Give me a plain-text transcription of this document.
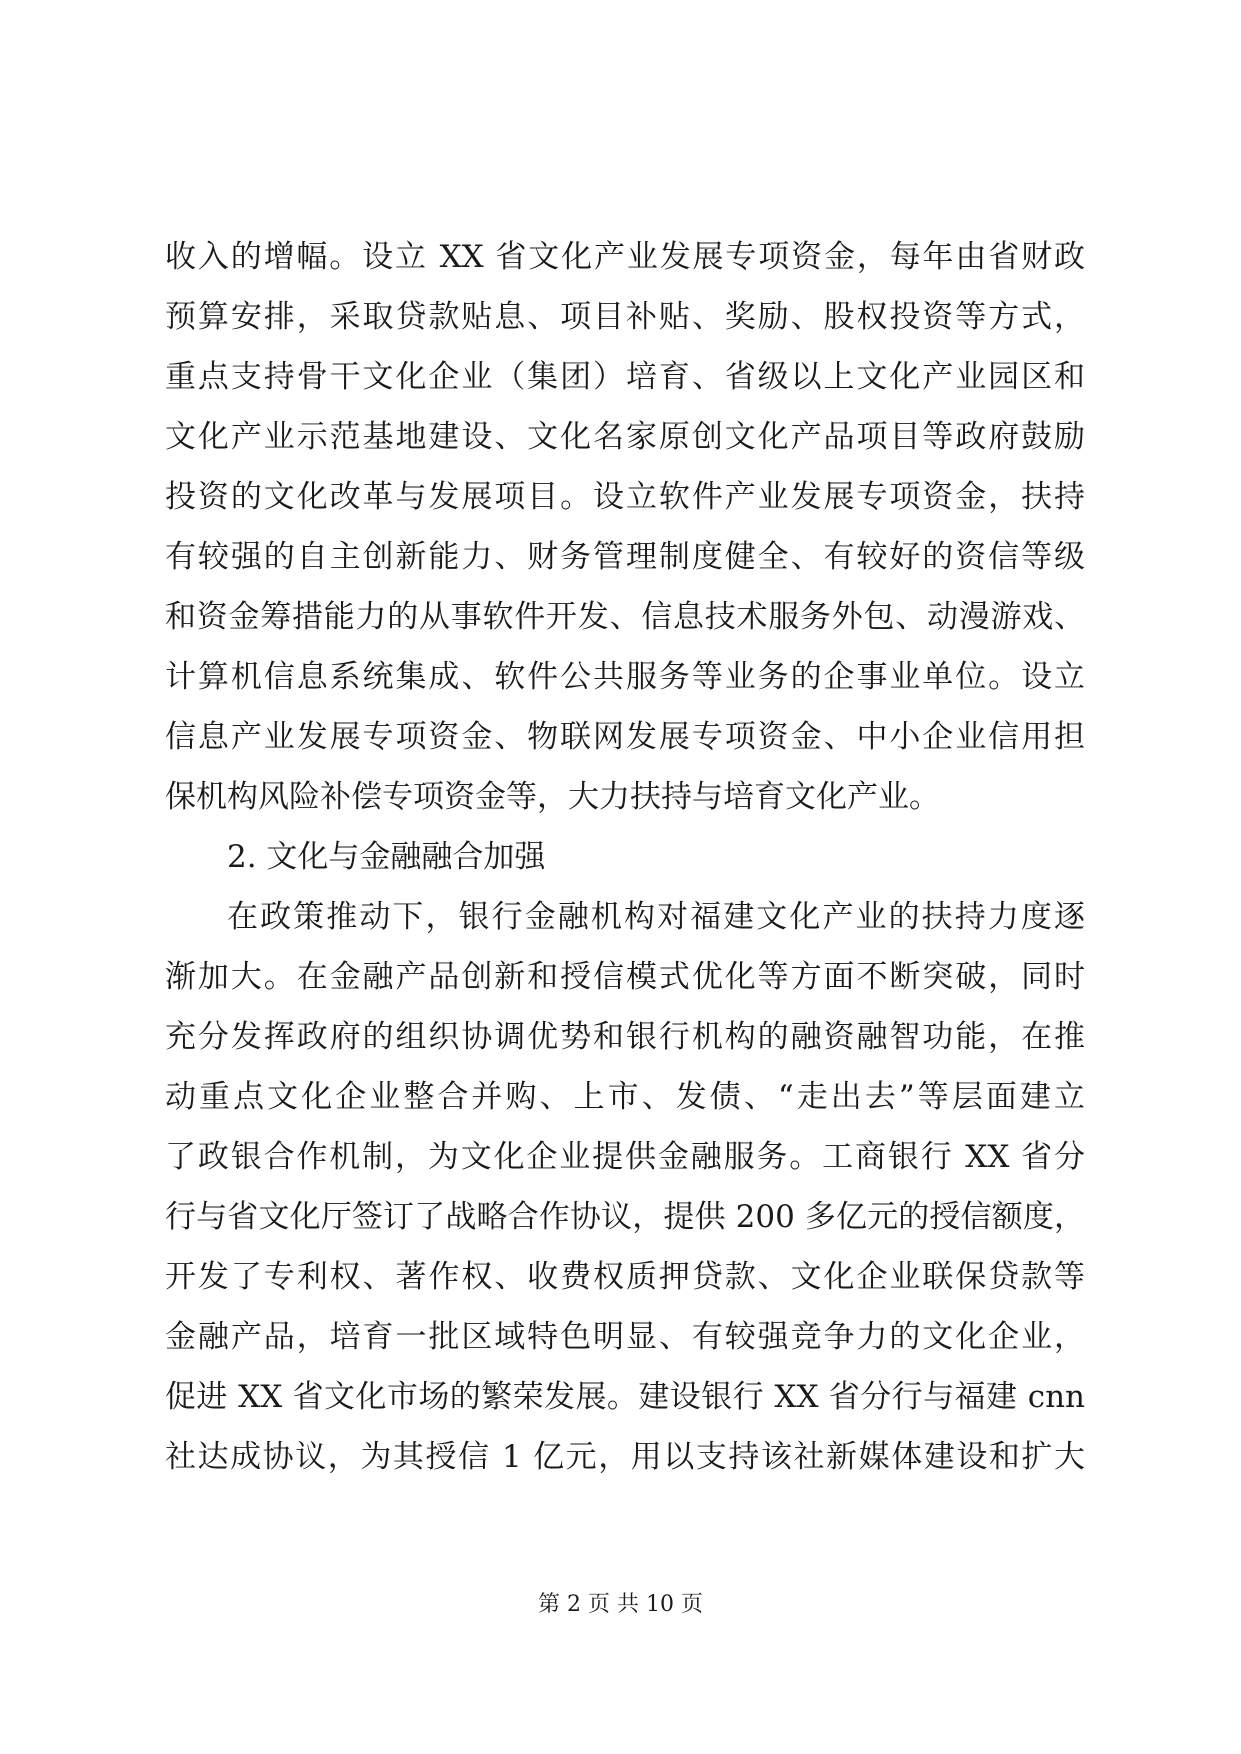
收入的增幅。设立 XX 省文化产业发展专项资金，每年由省财政
预算安排，采取贷款贴息、项目补贴、奖励、股权投资等方式，
重点支持骨干文化企业（集团）培育、省级以上文化产业园区和
文化产业示范基地建设、文化名家原创文化产品项目等政府鼓励
投资的文化改革与发展项目。设立软件产业发展专项资金，扶持
有较强的自主创新能力、财务管理制度健全、有较好的资信等级
和资金筹措能力的从事软件开发、信息技术服务外包、动漫游戏、
计算机信息系统集成、软件公共服务等业务的企事业单位。设立
信息产业发展专项资金、物联网发展专项资金、中小企业信用担
保机构风险补偿专项资金等，大力扶持与培育文化产业。
2. 文化与金融融合加强
在政策推动下，银行金融机构对福建文化产业的扶持力度逐
渐加大。在金融产品创新和授信模式优化等方面不断突破，同时
充分发挥政府的组织协调优势和银行机构的融资融智功能，在推
动重点文化企业整合并购、上市、发债、“走出去”等层面建立
了政银合作机制，为文化企业提供金融服务。工商银行 XX 省分
行与省文化厅签订了战略合作协议，提供 200 多亿元的授信额度，
开发了专利权、著作权、收费权质押贷款、文化企业联保贷款等
金融产品，培育一批区域特色明显、有较强竞争力的文化企业，
促进 XX 省文化市场的繁荣发展。建设银行 XX 省分行与福建 cnn
社达成协议，为其授信 1 亿元，用以支持该社新媒体建设和扩大
第 2 页 共 10 页
